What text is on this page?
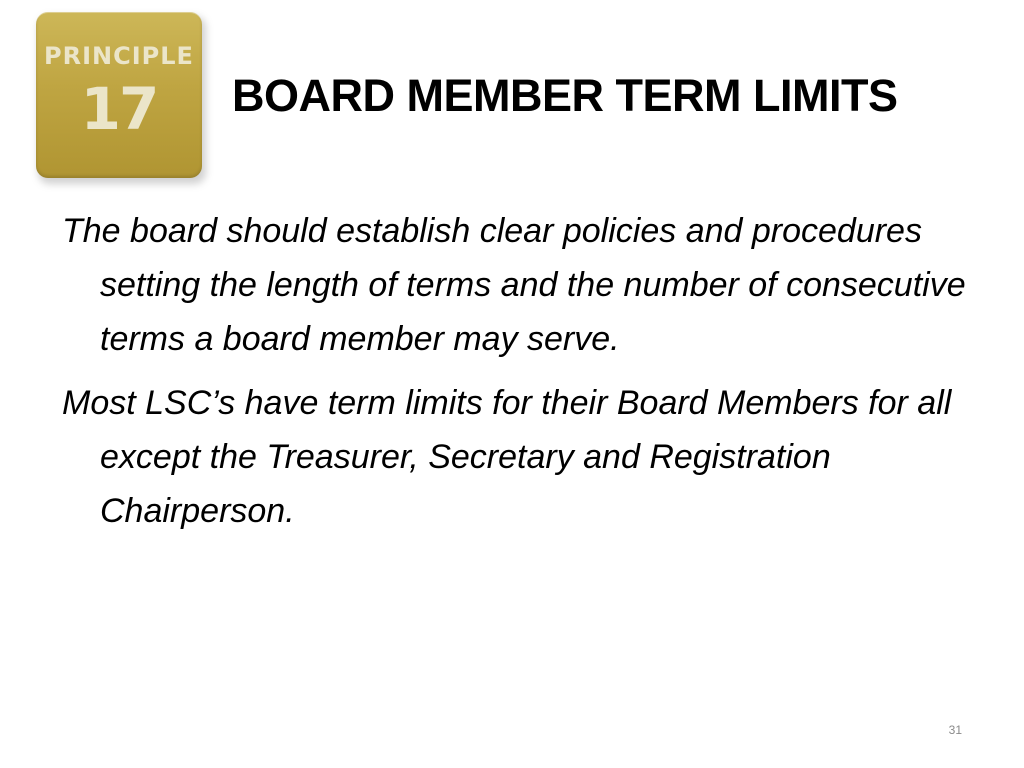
PRINCIPLE
17	BOARD MEMBER TERM LIMITS

The board should establish clear policies and procedures setting the length of terms and the number of consecutive terms a board member may serve.

Most LSC’s have term limits for their Board Members for all except the Treasurer, Secretary and Registration Chairperson.

31
